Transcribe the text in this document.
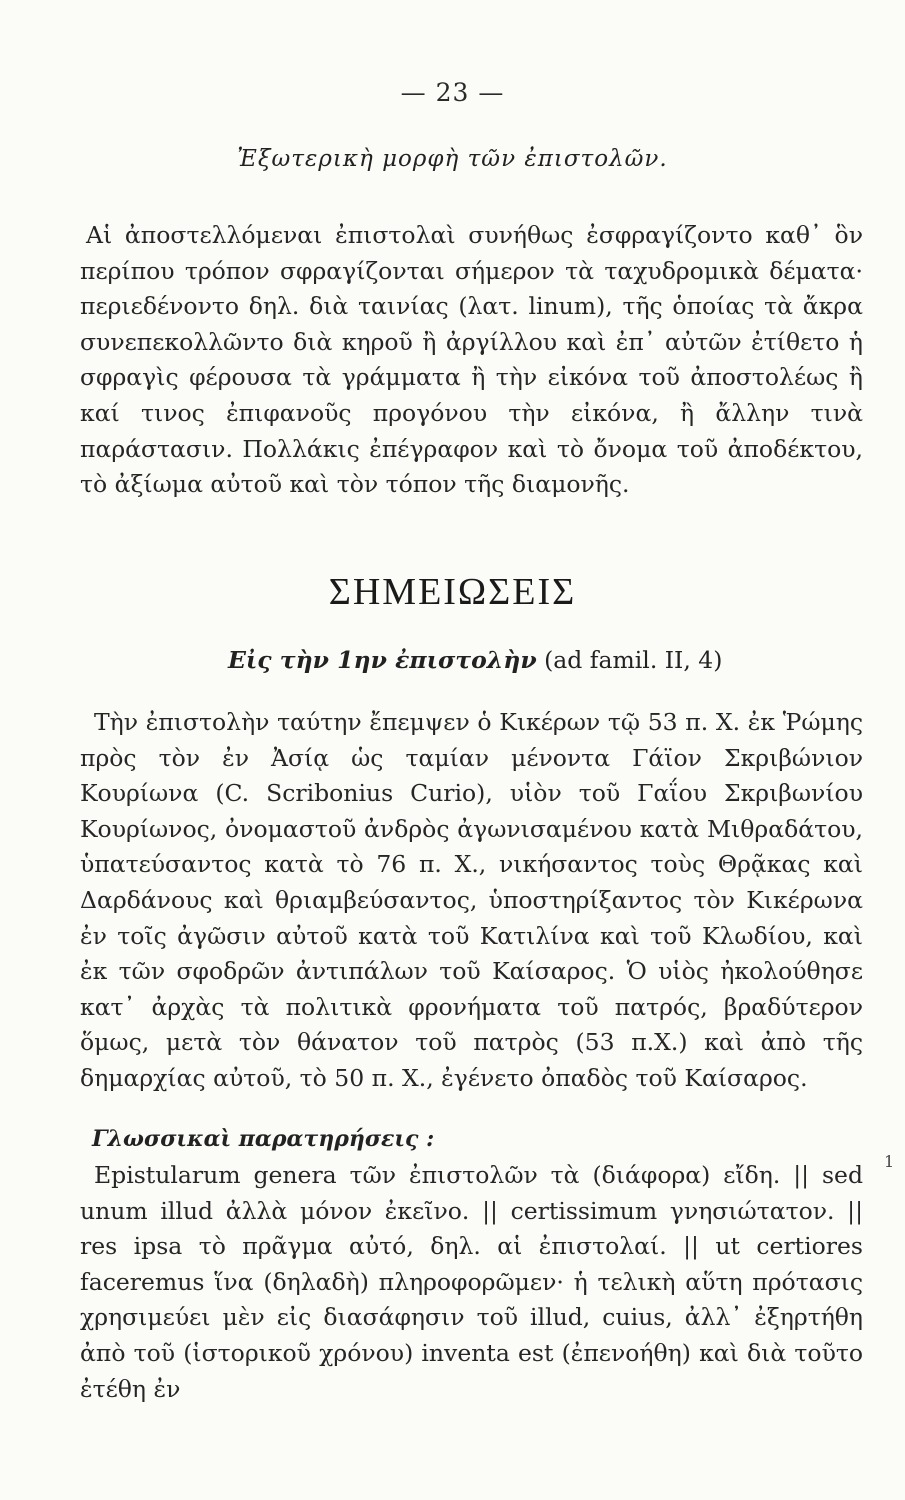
— 23 —
Ἐξωτερικὴ μορφὴ τῶν ἐπιστολῶν.
Αἱ ἀποστελλόμεναι ἐπιστολαὶ συνήθως ἐσφραγίζοντο καθ᾽ ὃν περίπου τρόπον σφραγίζονται σήμερον τὰ ταχυδρομικὰ δέματα· περιεδένοντο δηλ. διὰ ταινίας (λατ. linum), τῆς ὁποίας τὰ ἄκρα συνεπεκολλῶντο διὰ κηροῦ ἢ ἀργίλλου καὶ ἐπ᾽ αὐτῶν ἐτίθετο ἡ σφραγὶς φέρουσα τὰ γράμματα ἢ τὴν εἰκόνα τοῦ ἀποστολέως ἢ καί τινος ἐπιφανοῦς προγόνου τὴν εἰκόνα, ἢ ἄλλην τινὰ παράστασιν. Πολλάκις ἐπέγραφον καὶ τὸ ὄνομα τοῦ ἀποδέκτου, τὸ ἀξίωμα αὐτοῦ καὶ τὸν τόπον τῆς διαμονῆς.
ΣΗΜΕΙΩΣΕΙΣ
Εἰς τὴν 1ην ἐπιστολὴν (ad famil. II, 4)
Τὴν ἐπιστολὴν ταύτην ἔπεμψεν ὁ Κικέρων τῷ 53 π. Χ. ἐκ Ῥώμης πρὸς τὸν ἐν Ἀσίᾳ ὡς ταμίαν μένοντα Γάϊον Σκριβώνιον Κουρίωνα (C. Scribonius Curio), υἱὸν τοῦ Γαΐου Σκριβωνίου Κουρίωνος, ὀνομαστοῦ ἀνδρὸς ἀγωνισαμένου κατὰ Μιθραδάτου, ὑπατεύσαντος κατὰ τὸ 76 π. Χ., νικήσαντος τοὺς Θρᾷκας καὶ Δαρδάνους καὶ θριαμβεύσαντος, ὑποστηρίξαντος τὸν Κικέρωνα ἐν τοῖς ἀγῶσιν αὐτοῦ κατὰ τοῦ Κατιλίνα καὶ τοῦ Κλωδίου, καὶ ἐκ τῶν σφοδρῶν ἀντιπάλων τοῦ Καίσαρος. Ὁ υἱὸς ἠκολούθησε κατ᾽ ἀρχὰς τὰ πολιτικὰ φρονήματα τοῦ πατρός, βραδύτερον ὅμως, μετὰ τὸν θάνατον τοῦ πατρὸς (53 π.Χ.) καὶ ἀπὸ τῆς δημαρχίας αὐτοῦ, τὸ 50 π. Χ., ἐγένετο ὀπαδὸς τοῦ Καίσαρος.
Γλωσσικαὶ παρατηρήσεις :
Epistularum genera τῶν ἐπιστολῶν τὰ (διάφορα) εἴδη. || sed unum illud ἀλλὰ μόνον ἐκεῖνο. || certissimum γνησιώτατον. || res ipsa τὸ πρᾶγμα αὐτό, δηλ. αἱ ἐπιστολαί. || ut certiores faceremus ἵνα (δηλαδὴ) πληροφορῶμεν· ἡ τελικὴ αὕτη πρότασις χρησιμεύει μὲν εἰς διασάφησιν τοῦ illud, cuius, ἀλλ᾽ ἐξηρτήθη ἀπὸ τοῦ (ἱστορικοῦ χρόνου) inventa est (ἐπενοήθη) καὶ διὰ τοῦτο ἐτέθη ἐν
1
